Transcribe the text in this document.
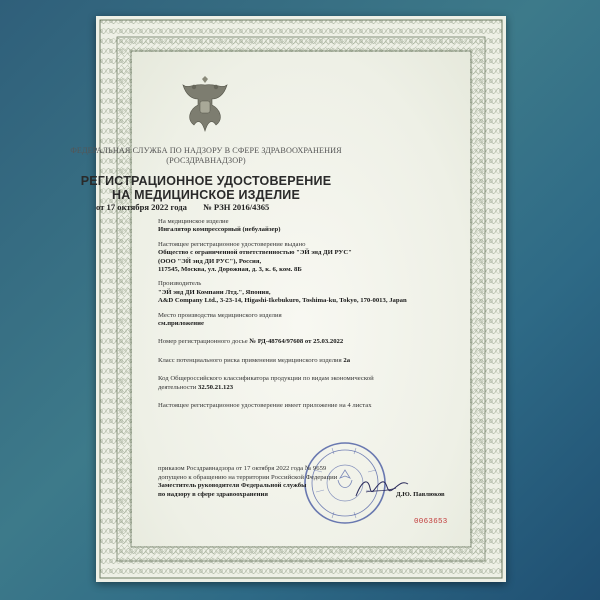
ФЕДЕРАЛЬНАЯ СЛУЖБА ПО НАДЗОРУ В СФЕРЕ ЗДРАВООХРАНЕНИЯ
(РОСЗДРАВНАДЗОР)
РЕГИСТРАЦИОННОЕ УДОСТОВЕРЕНИЕ
НА МЕДИЦИНСКОЕ ИЗДЕЛИЕ
от 17 октября 2022 года № РЗН 2016/4365
На медицинское изделие
Ингалятор компрессорный (небулайзер)
Настоящее регистрационное удостоверение выдано
Общество с ограниченной ответственностью "ЭЙ энд ДИ РУС"
(ООО "ЭЙ энд ДИ РУС"), Россия,
117545, Москва, ул. Дорожная, д. 3, к. 6, ком. 8Б
Производитель
"ЭЙ энд ДИ Компани Лтд.", Япония,
A&D Company Ltd., 3-23-14, Higashi-Ikebukuro, Toshima-ku, Tokyo, 170-0013, Japan
Место производства медицинского изделия
см.приложение
Номер регистрационного досье № РД-48764/97608 от 25.03.2022
Класс потенциального риска применения медицинского изделия 2а
Код Общероссийского классификатора продукции по видам экономической
деятельности 32.50.21.123
Настоящее регистрационное удостоверение имеет приложение на 4 листах
приказом Росздравнадзора от 17 октября 2022 года № 9659
допущено к обращению на территории Российской Федерации
Заместитель руководителя Федеральной службы
по надзору в сфере здравоохранения	Д.Ю. Павлюков
0063653
